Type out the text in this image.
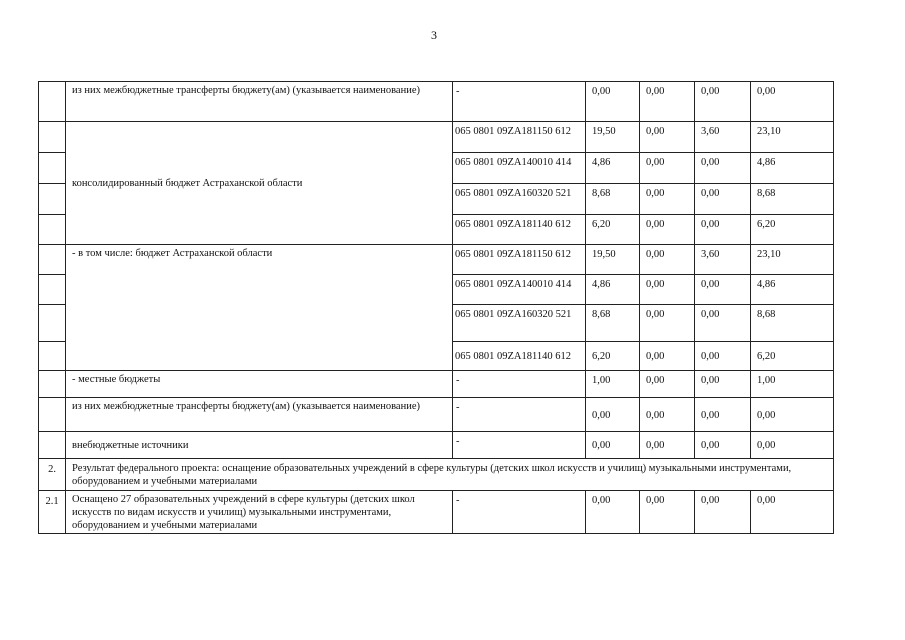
3

	из них межбюджетные трансферты бюджету(ам) (указывается наименование)	-	0,00	0,00	0,00	0,00

	консолидированный бюджет Астраханской области	065 0801 09ZA181150 612	19,50	0,00	3,60	23,10

		065 0801 09ZA140010 414	4,86	0,00	0,00	4,86

		065 0801 09ZA160320 521	8,68	0,00	0,00	8,68

		065 0801 09ZA181140 612	6,20	0,00	0,00	6,20

	- в том числе: бюджет Астраханской области	065 0801 09ZA181150 612	19,50	0,00	3,60	23,10

		065 0801 09ZA140010 414	4,86	0,00	0,00	4,86

		065 0801 09ZA160320 521	8,68	0,00	0,00	8,68

		065 0801 09ZA181140 612	6,20	0,00	0,00	6,20

	- местные бюджеты	-	1,00	0,00	0,00	1,00

	из них межбюджетные трансферты бюджету(ам) (указывается наименование)	-	0,00	0,00	0,00	0,00

	внебюджетные источники	-	0,00	0,00	0,00	0,00

2.	Результат федерального проекта: оснащение образовательных учреждений в сфере культуры (детских школ искусств и училищ) музыкальными инструментами, оборудованием и учебными материалами					

2.1	Оснащено 27 образовательных учреждений в сфере культуры (детских школ искусств по видам искусств и училищ) музыкальными инструментами, оборудованием и учебными материалами	-	0,00	0,00	0,00	0,00
